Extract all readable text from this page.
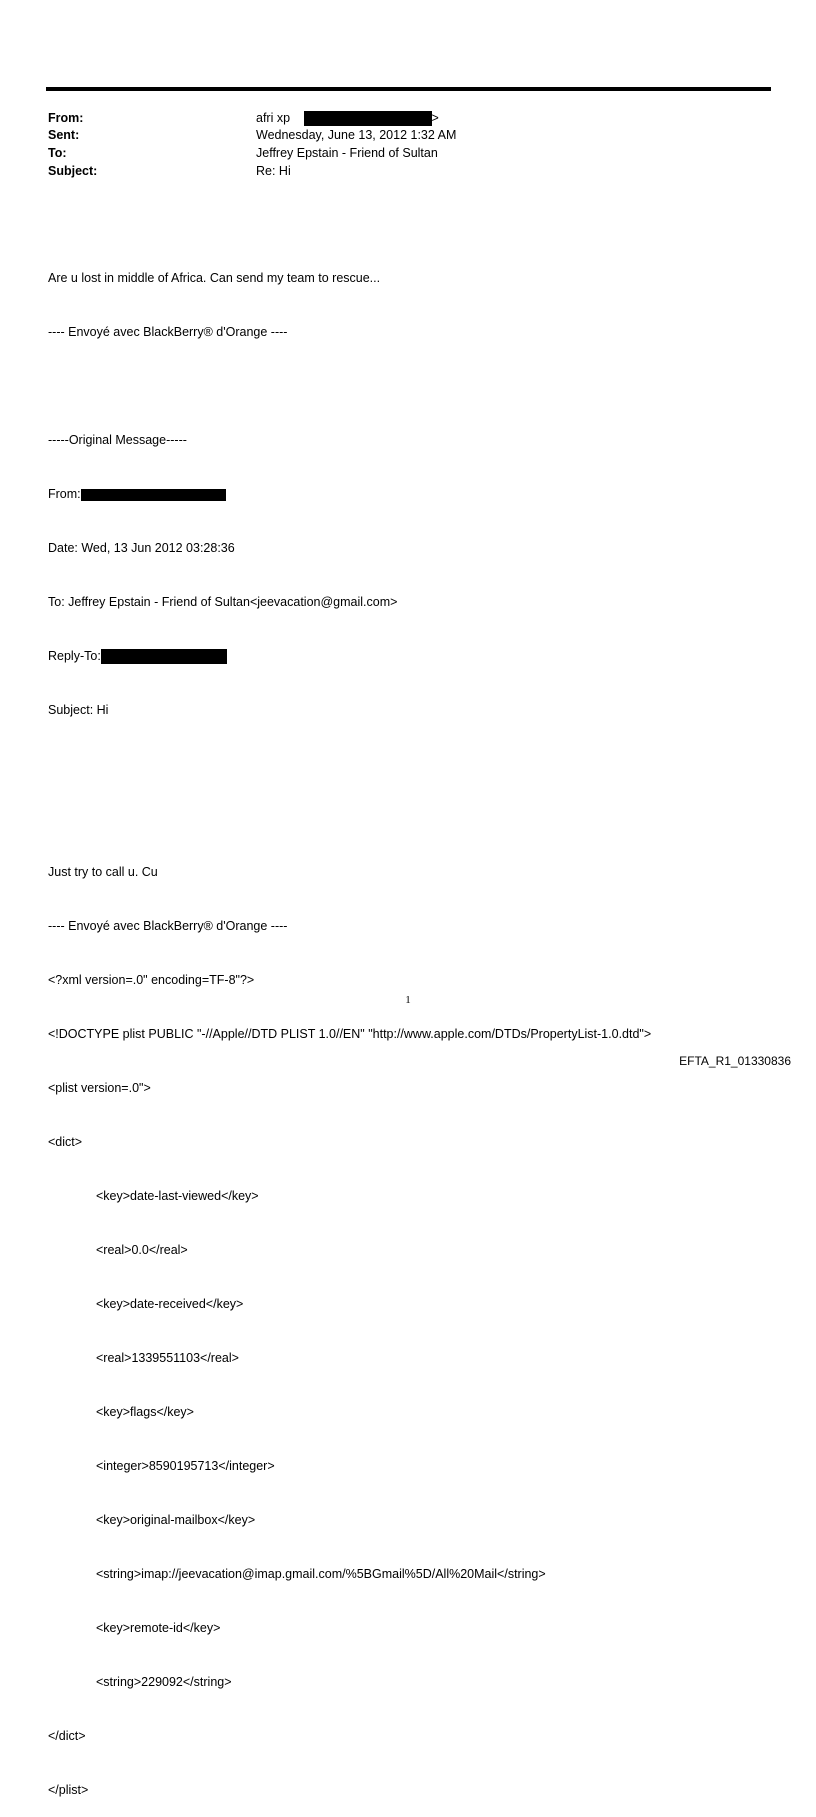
From:	afri xp	>
Sent:	Wednesday, June 13, 2012 1:32 AM
To:	Jeffrey Epstain - Friend of Sultan
Subject:	Re: Hi

Are u lost in middle of Africa. Can send my team to rescue...

---- Envoyé avec BlackBerry® d'Orange ----

-----Original Message-----

From:

Date: Wed, 13 Jun 2012 03:28:36

To: Jeffrey Epstain - Friend of Sultan<jeevacation@gmail.com>

Reply-To:

Subject: Hi

Just try to call u. Cu

---- Envoyé avec BlackBerry® d'Orange ----

<?xml version=.0" encoding=TF-8"?>

<!DOCTYPE plist PUBLIC "-//Apple//DTD PLIST 1.0//EN" "http://www.apple.com/DTDs/PropertyList-1.0.dtd">

<plist version=.0">

<dict>

<key>date-last-viewed</key>

<real>0.0</real>

<key>date-received</key>

<real>1339551103</real>

<key>flags</key>

<integer>8590195713</integer>

<key>original-mailbox</key>

<string>imap://jeevacation@imap.gmail.com/%5BGmail%5D/All%20Mail</string>

<key>remote-id</key>

<string>229092</string>

</dict>

</plist>

1
EFTA_R1_01330836
